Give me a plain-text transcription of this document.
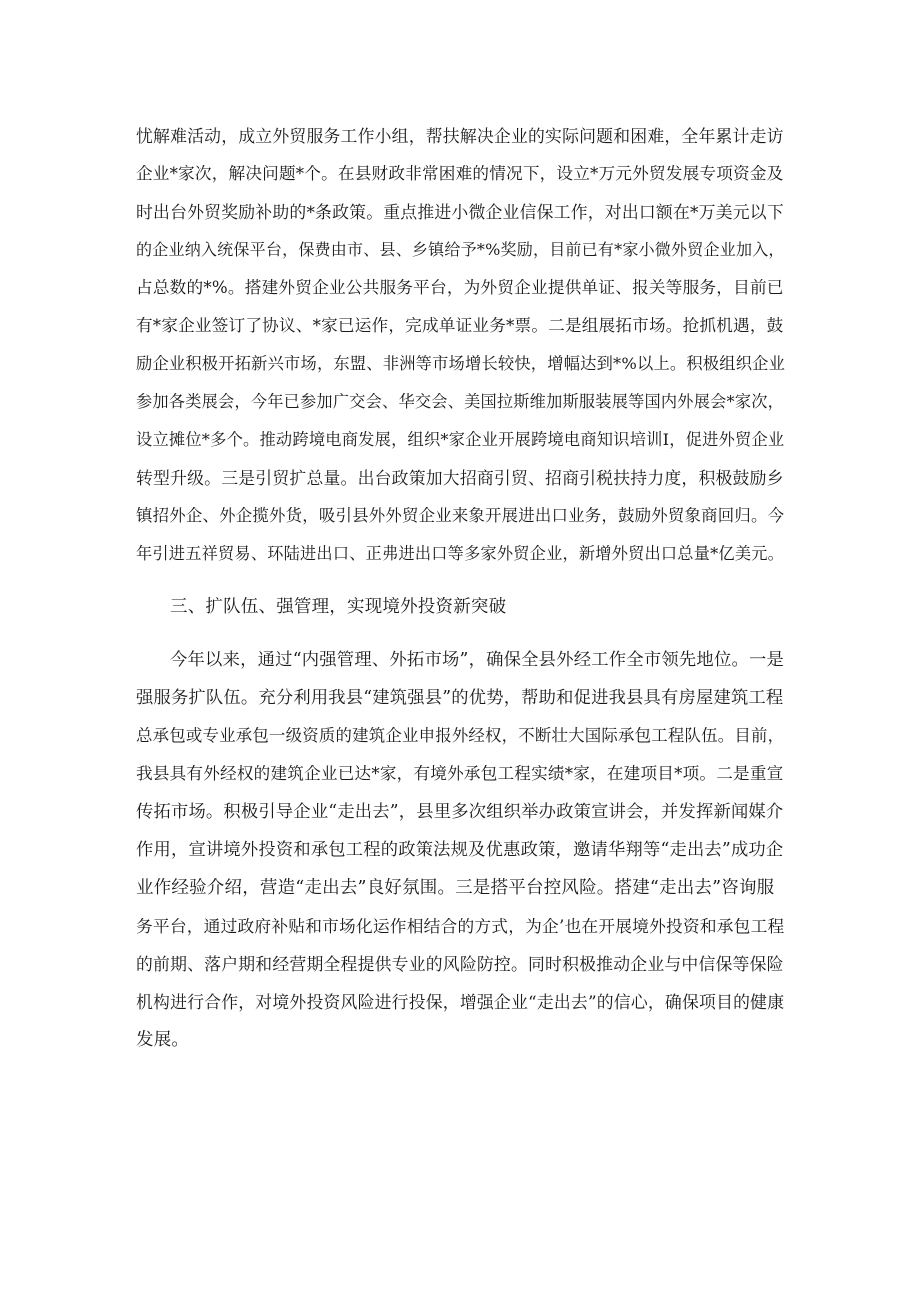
忧解难活动，成立外贸服务工作小组，帮扶解决企业的实际问题和困难，全年累计走访

企业*家次，解决问题*个。在县财政非常困难的情况下，设立*万元外贸发展专项资金及

时出台外贸奖励补助的*条政策。重点推进小微企业信保工作，对出口额在*万美元以下

的企业纳入统保平台，保费由市、县、乡镇给予*%奖励，目前已有*家小微外贸企业加入，

占总数的*%。搭建外贸企业公共服务平台，为外贸企业提供单证、报关等服务，目前已

有*家企业签订了协议、*家已运作，完成单证业务*票。二是组展拓市场。抢抓机遇，鼓

励企业积极开拓新兴市场，东盟、非洲等市场增长较快，增幅达到*%以上。积极组织企业

参加各类展会，今年已参加广交会、华交会、美国拉斯维加斯服装展等国内外展会*家次，

设立摊位*多个。推动跨境电商发展，组织*家企业开展跨境电商知识培训I，促进外贸企业

转型升级。三是引贸扩总量。出台政策加大招商引贸、招商引税扶持力度，积极鼓励乡

镇招外企、外企揽外货，吸引县外外贸企业来象开展进出口业务，鼓励外贸象商回归。今

年引进五祥贸易、环陆进出口、正弗进出口等多家外贸企业，新增外贸出口总量*亿美元。

三、扩队伍、强管理，实现境外投资新突破

今年以来，通过“内强管理、外拓市场”，确保全县外经工作全市领先地位。一是

强服务扩队伍。充分利用我县“建筑强县”的优势，帮助和促进我县具有房屋建筑工程

总承包或专业承包一级资质的建筑企业申报外经权，不断壮大国际承包工程队伍。目前，

我县具有外经权的建筑企业已达*家，有境外承包工程实绩*家，在建项目*项。二是重宣

传拓市场。积极引导企业“走出去”，县里多次组织举办政策宣讲会，并发挥新闻媒介

作用，宣讲境外投资和承包工程的政策法规及优惠政策，邀请华翔等“走出去”成功企

业作经验介绍，营造“走出去”良好氛围。三是搭平台控风险。搭建“走出去”咨询服

务平台，通过政府补贴和市场化运作相结合的方式，为企’也在开展境外投资和承包工程

的前期、落户期和经营期全程提供专业的风险防控。同时积极推动企业与中信保等保险

机构进行合作，对境外投资风险进行投保，增强企业“走出去”的信心，确保项目的健康

发展。
